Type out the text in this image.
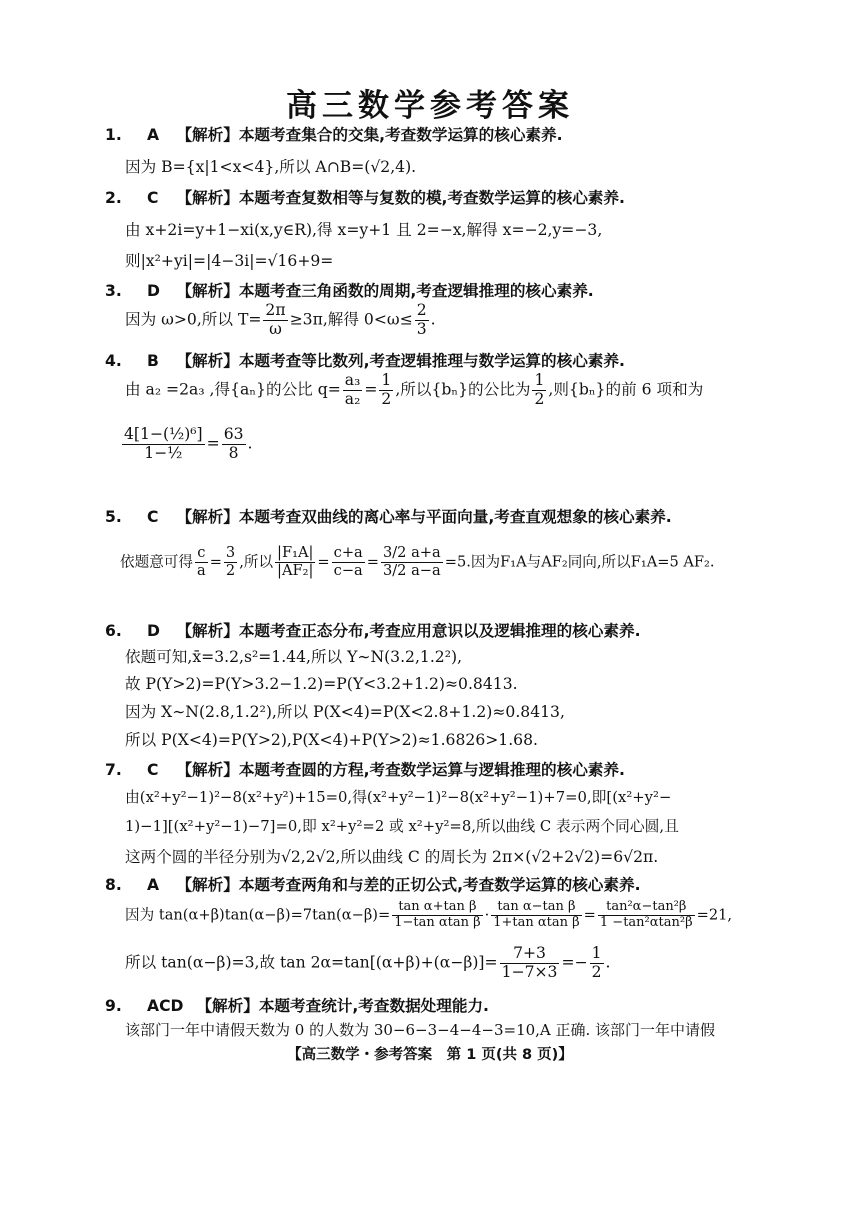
高三数学参考答案
1. A 【解析】本题考查集合的交集,考查数学运算的核心素养.
因为 B={x|1<x<4},所以 A∩B=(√2,4).
2. C 【解析】本题考查复数相等与复数的模,考查数学运算的核心素养.
由 x+2i=y+1−xi(x,y∈R),得 x=y+1 且 2=−x,解得 x=−2,y=−3,
则|x²+yi|=|4−3i|=√16+9=
3. D 【解析】本题考查三角函数的周期,考查逻辑推理的核心素养.
因为 ω>0,所以 $T= \frac{2\pi}{\omega} \ge 3\pi$,解得 $0<\omega\le \frac{2}{3}$ .
4. B 【解析】本题考查等比数列,考查逻辑推理与数学运算的核心素养.
由 a₂ =2a₃ ,得{aₙ}的公比 $q= \frac{\text{a₃}}{\text{a₂}} = \frac{1}{2}$ ,所以{bₙ}的公比为 $\frac{1}{2}$ ,则{bₙ}的前 6 项和为
$\frac{\text{4[1−(½)⁶]}}{\text{1−½}} = \frac{63}{8}$ .
5. C 【解析】本题考查双曲线的离心率与平面向量,考查直观想象的核心素养.
依题意可得 $\frac{c}{a} = \frac{3}{2}$ ,所以 $\frac{\text{|F₁A|}}{\text{|AF₂|}} = \frac{c+a}{c-a} = \frac{3/2 a+a}{3/2 a-a} =5$.因为F₁A与AF₂同向,所以F₁A=5 AF₂.
6. D 【解析】本题考查正态分布,考查应用意识以及逻辑推理的核心素养.
依题可知,x̄=3.2,s²=1.44,所以 Y∼N(3.2,1.2²),
故 P(Y>2)=P(Y>3.2−1.2)=P(Y<3.2+1.2)≈0.8413.
因为 X∼N(2.8,1.2²),所以 P(X<4)=P(X<2.8+1.2)≈0.8413,
所以 P(X<4)=P(Y>2),P(X<4)+P(Y>2)≈1.6826>1.68.
7. C 【解析】本题考查圆的方程,考查数学运算与逻辑推理的核心素养.
由(x²+y²−1)²−8(x²+y²)+15=0,得(x²+y²−1)²−8(x²+y²−1)+7=0,即[(x²+y²−
1)−1][(x²+y²−1)−7]=0,即 x²+y²=2 或 x²+y²=8,所以曲线 C 表示两个同心圆,且
这两个圆的半径分别为√2,2√2,所以曲线 C 的周长为 2π×(√2+2√2)=6√2π.
8. A 【解析】本题考查两角和与差的正切公式,考查数学运算的核心素养.
因为 $\tan(\alpha+\beta)\tan(\alpha-\beta)=7\tan(\alpha-\beta)= \frac{\text{tan α+tan β}}{\text{1−tan αtan β}} \cdot \frac{\text{tan α−tan β}}{\text{1+tan αtan β}} = \frac{\text{tan²α−tan²β}}{\text{1 −tan²αtan²β}} =21$,
所以 tan(α−β)=3,故 $\tan 2\alpha=\tan[(\alpha+\beta)+(\alpha-\beta)]= \frac{7+3}{1-7\times 3} =- \frac{1}{2}$ .
9. ACD 【解析】本题考查统计,考查数据处理能力.
该部门一年中请假天数为 0 的人数为 30−6−3−4−4−3=10,A 正确. 该部门一年中请假
【高三数学・参考答案　第 1 页(共 8 页)】
